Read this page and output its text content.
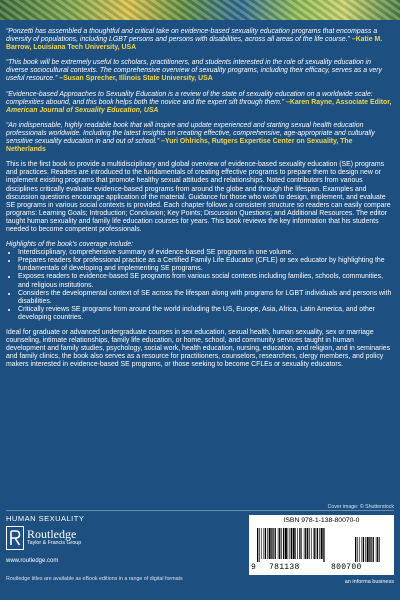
“Ponzetti has assembled a thoughtful and critical take on evidence-based sexuality education programs that encompass a diversity of populations, including LGBT persons and persons with disabilities, across all areas of the life course.” –Katie M. Barrow, Louisiana Tech University, USA

“This book will be extremely useful to scholars, practitioners, and students interested in the role of sexuality education in diverse sociocultural contexts. The comprehensive overview of sexuality programs, including their efficacy, serves as a very useful resource.” –Susan Sprecher, Illinois State University, USA

“Evidence-based Approaches to Sexuality Education is a review of the state of sexuality education on a worldwide scale: complexities abound, and this book helps both the novice and the expert sift through them.” –Karen Rayne, Associate Editor, American Journal of Sexuality Education, USA

“An indispensable, highly readable book that will inspire and update experienced and starting sexual health education professionals worldwide. Including the latest insights on creating effective, comprehensive, age-appropriate and culturally sensitive sexuality education in and out of school.” –Yuri Ohlrichs, Rutgers Expertise Center on Sexuality, The Netherlands

This is the first book to provide a multidisciplinary and global overview of evidence-based sexuality education (SE) programs and practices. Readers are introduced to the fundamentals of creating effective programs to prepare them to design new or implement existing programs that promote healthy sexual attitudes and relationships. Noted contributors from various disciplines critically evaluate evidence-based programs from around the globe and through the lifespan. Examples and discussion questions encourage application of the material. Guidance for those who wish to design, implement, and evaluate SE programs in various social contexts is provided. Each chapter follows a consistent structure so readers can easily compare programs: Learning Goals; Introduction; Conclusion; Key Points; Discussion Questions; and Additional Resources. The editor taught human sexuality and family life education courses for years. This book reviews the key information that his students needed to become competent professionals.

Highlights of the book’s coverage include:

• Interdisciplinary, comprehensive summary of evidence-based SE programs in one volume.
• Prepares readers for professional practice as a Certified Family Life Educator (CFLE) or sex educator by highlighting the fundamentals of developing and implementing SE programs.
• Exposes readers to evidence-based SE programs from various social contexts including families, schools, communities, and religious institutions.
• Considers the developmental context of SE across the lifespan along with programs for LGBT individuals and persons with disabilities.
• Critically reviews SE programs from around the world including the US, Europe, Asia, Africa, Latin America, and other developing countries.

Ideal for graduate or advanced undergraduate courses in sex education, sexual health, human sexuality, sex or marriage counseling, intimate relationships, family life education, or home, school, and community services taught in human development and family studies, psychology, social work, health education, nursing, education, and religion, and in seminaries and family clinics, the book also serves as a resource for practitioners, counselors, researchers, clergy members, and policy makers interested in evidence-based SE programs, or those seeking to become CFLEs or sexuality educators.

Cover image: © Shutterstock
HUMAN SEXUALITY
Routledge
Taylor & Francis Group
www.routledge.com
ISBN 978-1-138-80070-0
9 781138	800700
Routledge titles are available as eBook editions in a range of digital formats	an informa business
